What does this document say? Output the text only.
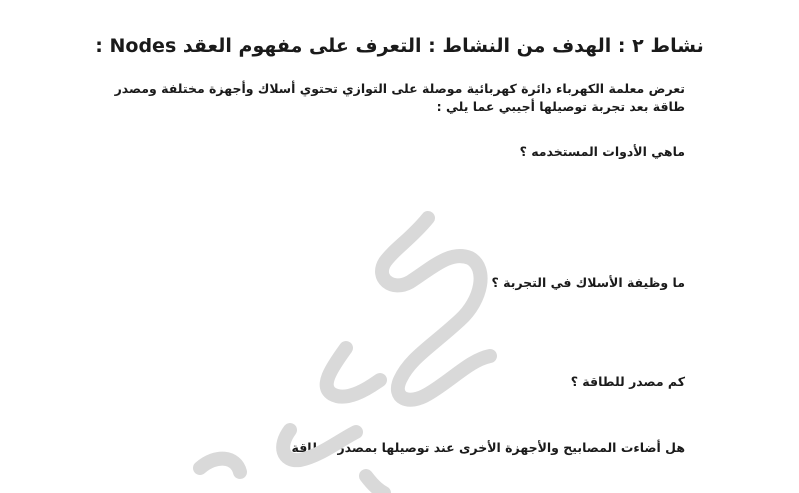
نشاط ٢ : الهدف من النشاط : التعرف على مفهوم العقد Nodes :

تعرض معلمة الكهرباء دائرة كهربائية موصلة على التوازي تحتوي أسلاك وأجهزة مختلفة ومصدر

طاقة بعد تجربة توصيلها أجيبي عما يلي :

ماهي الأدوات المستخدمه ؟
ما وظيفة الأسلاك في التجربة ؟
كم مصدر للطاقة ؟
هل أضاءت المصابيح والأجهزة الأخرى عند توصيلها بمصدر الطاقة ؟
